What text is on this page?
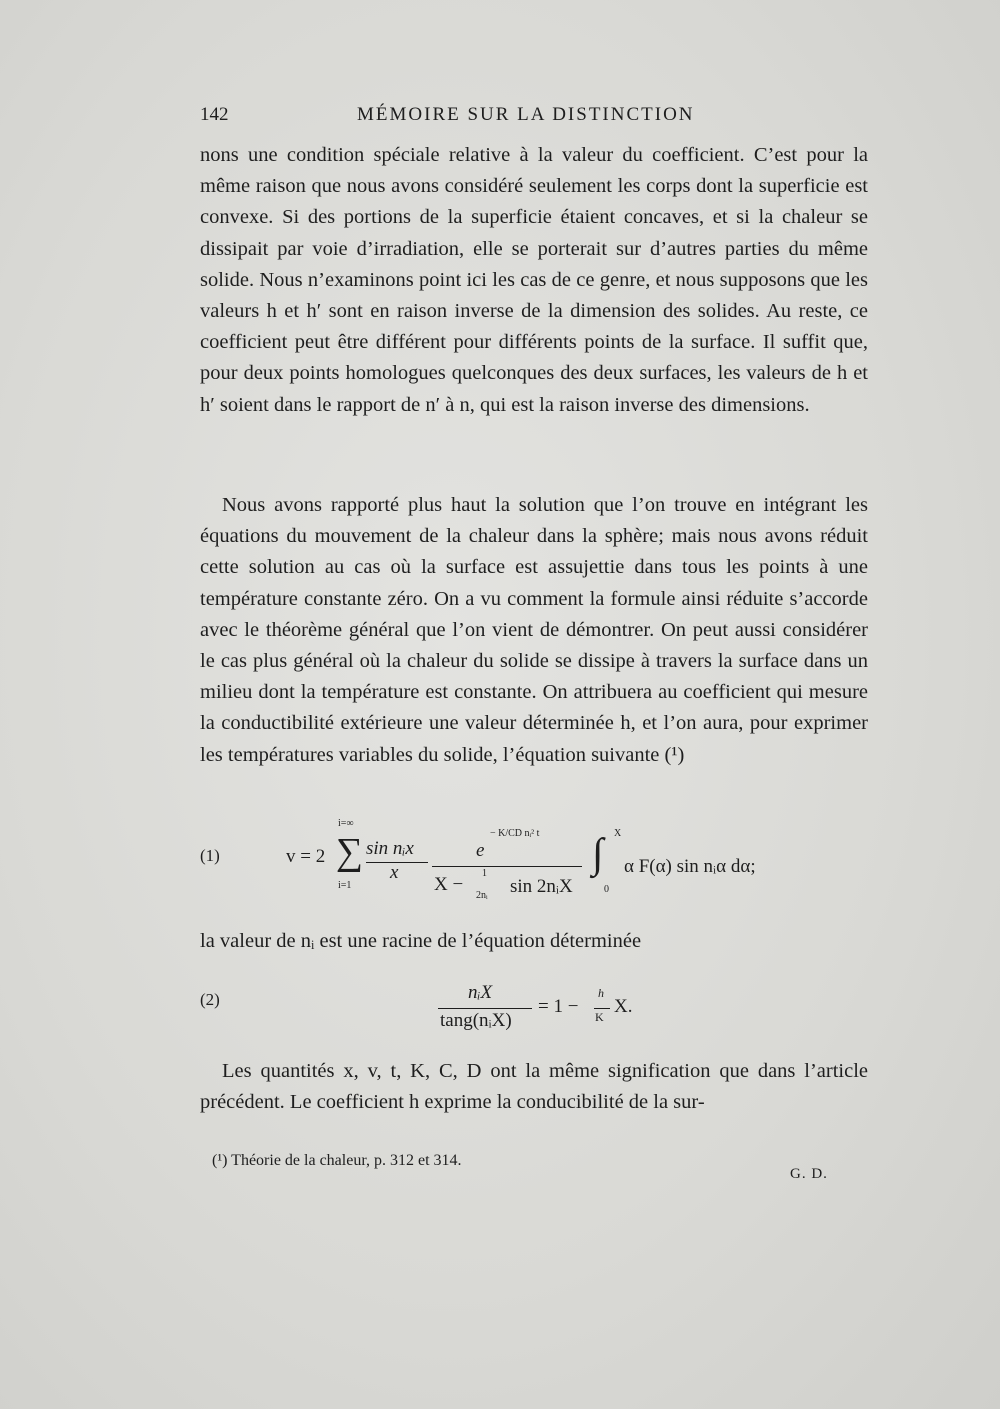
142	MÉMOIRE SUR LA DISTINCTION

nons une condition spéciale relative à la valeur du coefficient. C’est pour la même raison que nous avons considéré seulement les corps dont la superficie est convexe. Si des portions de la superficie étaient concaves, et si la chaleur se dissipait par voie d’irradiation, elle se porterait sur d’autres parties du même solide. Nous n’examinons point ici les cas de ce genre, et nous supposons que les valeurs h et h′ sont en raison inverse de la dimension des solides. Au reste, ce coefficient peut être différent pour différents points de la surface. Il suffit que, pour deux points homologues quelconques des deux surfaces, les valeurs de h et h′ soient dans le rapport de n′ à n, qui est la raison inverse des dimensions.

Nous avons rapporté plus haut la solution que l’on trouve en intégrant les équations du mouvement de la chaleur dans la sphère; mais nous avons réduit cette solution au cas où la surface est assujettie dans tous les points à une température constante zéro. On a vu comment la formule ainsi réduite s’accorde avec le théorème général que l’on vient de démontrer. On peut aussi considérer le cas plus général où la chaleur du solide se dissipe à travers la surface dans un milieu dont la température est constante. On attribuera au coefficient qui mesure la conductibilité extérieure une valeur déterminée h, et l’on aura, pour exprimer les températures variables du solide, l’équation suivante (¹)

(1)	v = 2
i=∞
∑
i=1
sin nᵢx
x
e
− K/CD nᵢ² t
X −
1
2nᵢ sin 2nᵢX
∫ X
0
α F(α) sin nᵢα dα;

la valeur de nᵢ est une racine de l’équation déterminée

(2)	nᵢX
tang(nᵢX)
= 1 −
h
K X.

Les quantités x, v, t, K, C, D ont la même signification que dans l’article précédent. Le coefficient h exprime la conducibilité de la sur-

(¹) Théorie de la chaleur, p. 312 et 314.
G. D.
